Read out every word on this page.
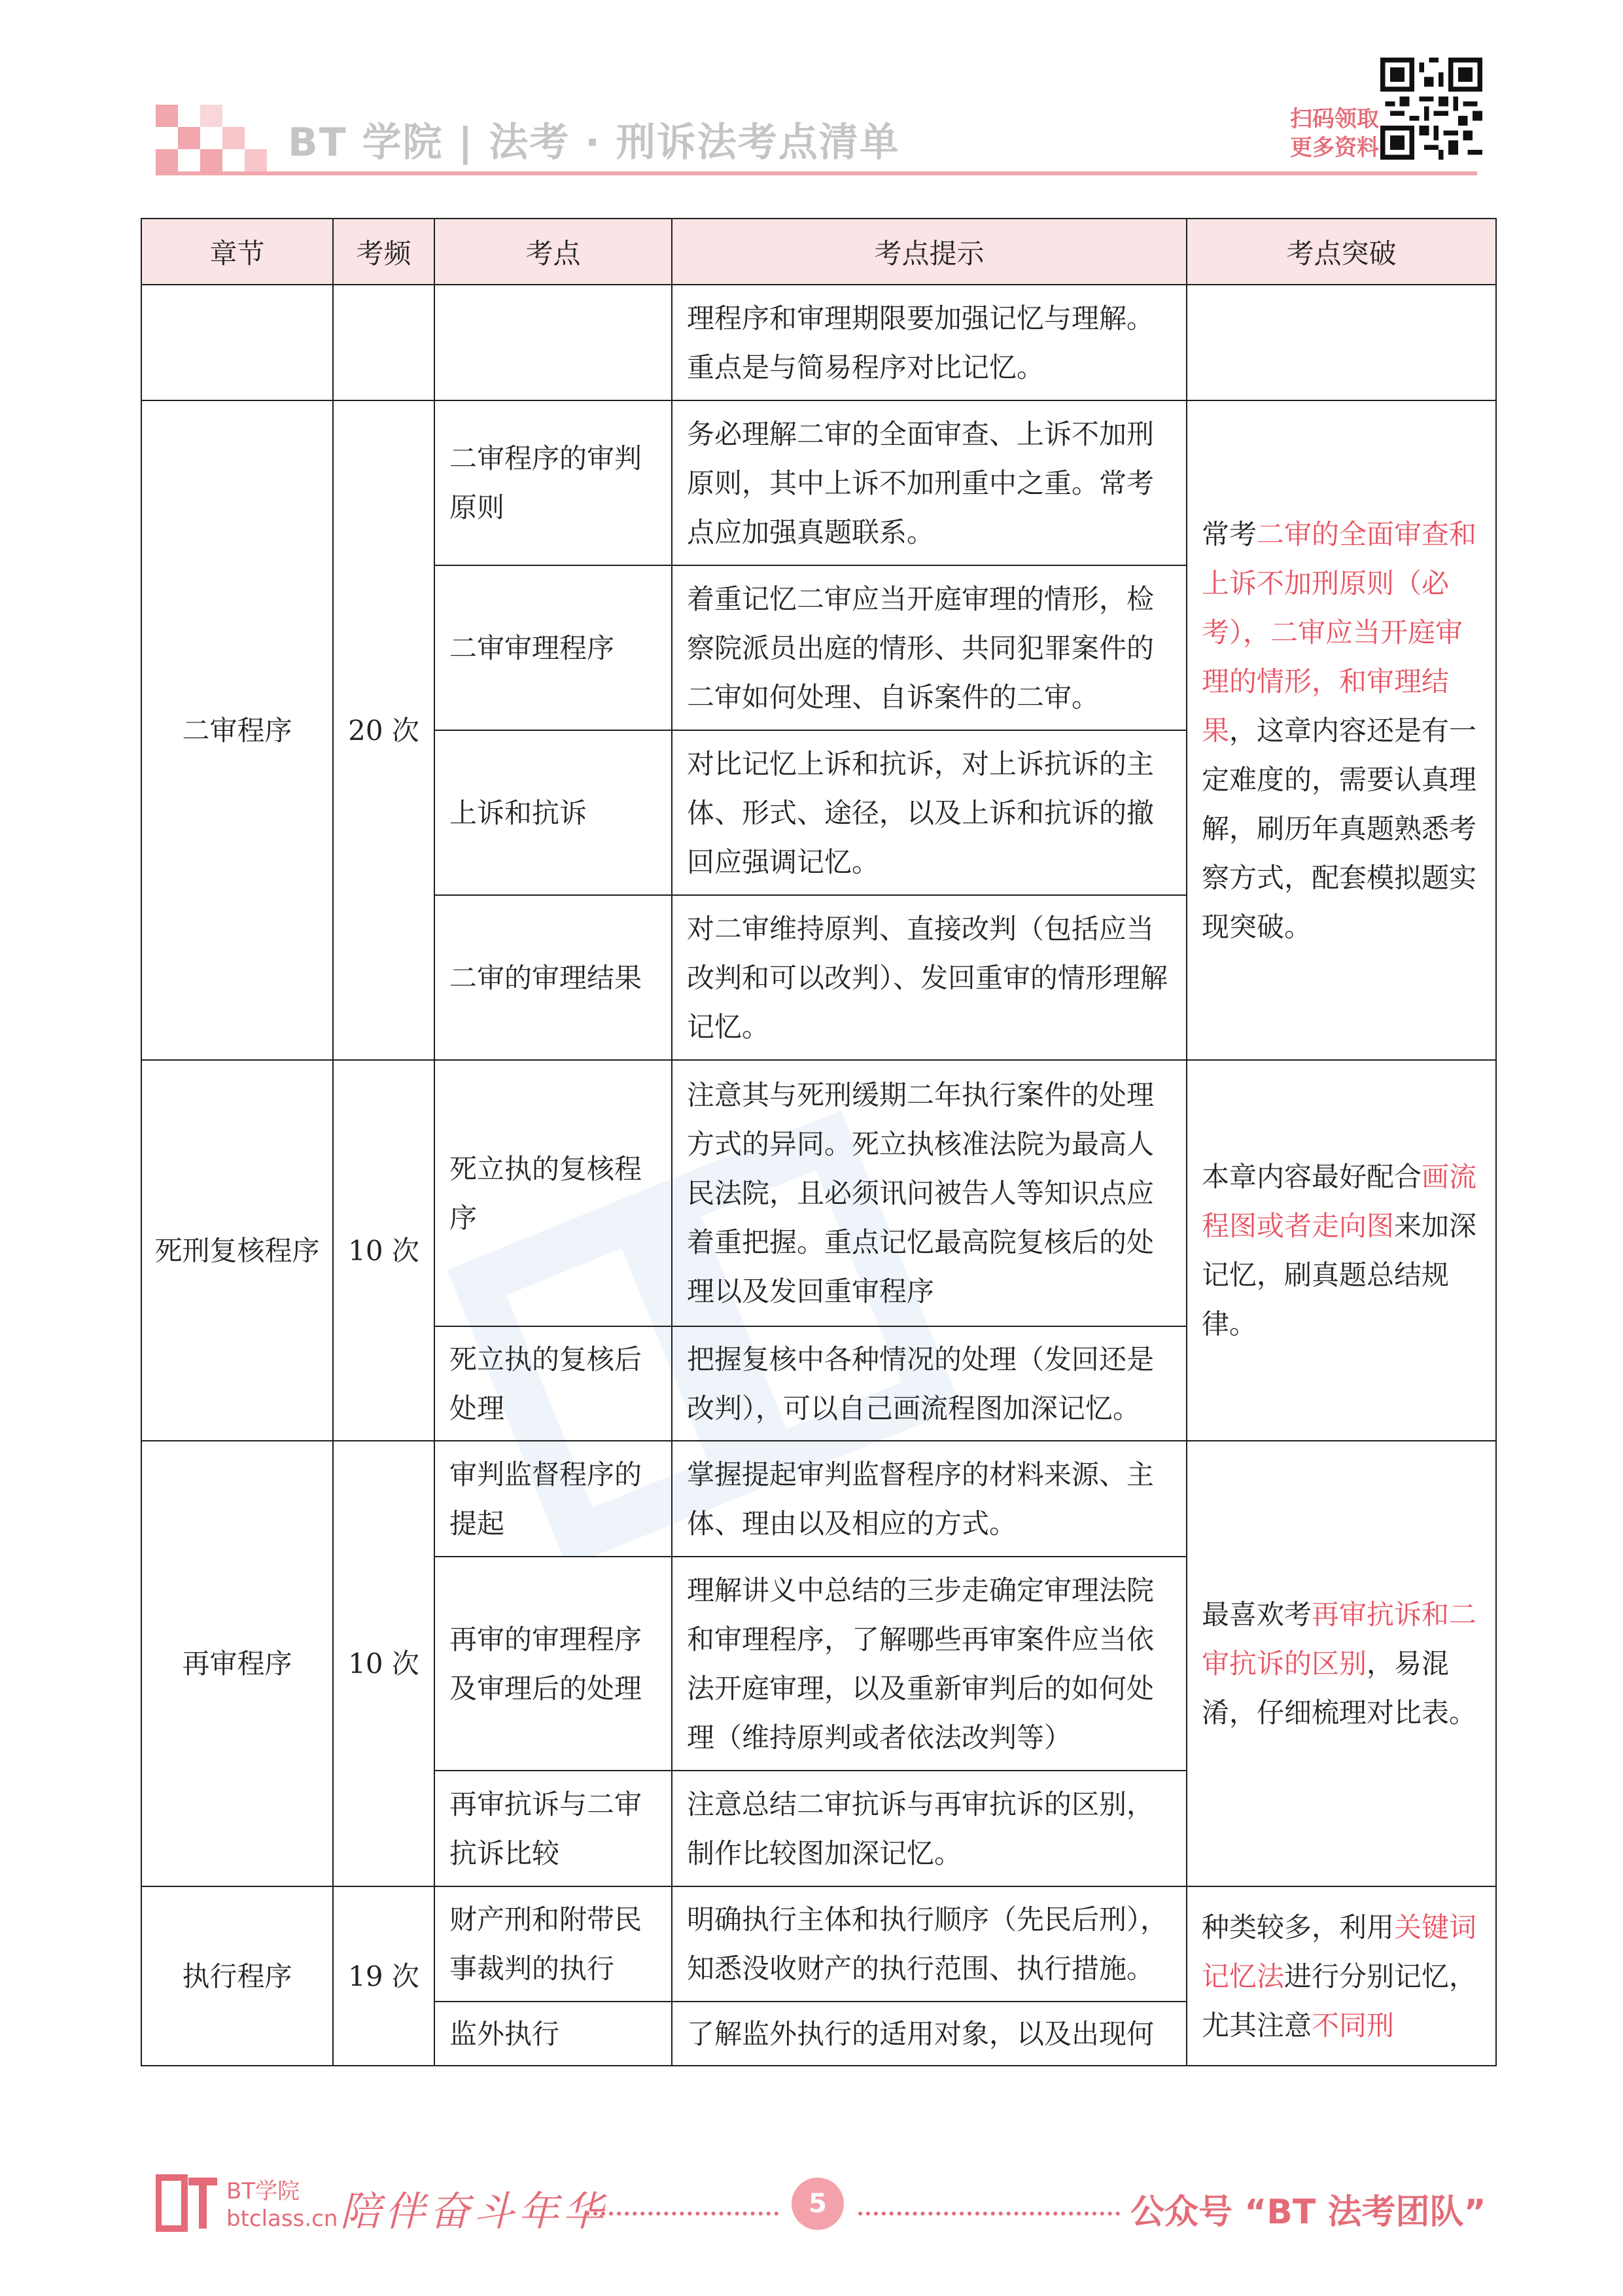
BT 学院 | 法考 · 刑诉法考点清单
扫码领取
更多资料
章节	考频	考点	考点提示	考点突破
			理程序和审理期限要加强记忆与理解。重点是与简易程序对比记忆。	
二审程序	20 次	二审程序的审判原则	务必理解二审的全面审查、上诉不加刑原则，其中上诉不加刑重中之重。常考点应加强真题联系。	常考二审的全面审查和上诉不加刑原则（必考），二审应当开庭审理的情形，和审理结果，这章内容还是有一定难度的，需要认真理解，刷历年真题熟悉考察方式，配套模拟题实现突破。
		二审审理程序	着重记忆二审应当开庭审理的情形，检察院派员出庭的情形、共同犯罪案件的二审如何处理、自诉案件的二审。	
		上诉和抗诉	对比记忆上诉和抗诉，对上诉抗诉的主体、形式、途径，以及上诉和抗诉的撤回应强调记忆。	
		二审的审理结果	对二审维持原判、直接改判（包括应当改判和可以改判）、发回重审的情形理解记忆。	
死刑复核程序	10 次	死立执的复核程序	注意其与死刑缓期二年执行案件的处理方式的异同。死立执核准法院为最高人民法院，且必须讯问被告人等知识点应着重把握。重点记忆最高院复核后的处理以及发回重审程序	本章内容最好配合画流程图或者走向图来加深记忆，刷真题总结规律。
		死立执的复核后处理	把握复核中各种情况的处理（发回还是改判），可以自己画流程图加深记忆。	
再审程序	10 次	审判监督程序的提起	掌握提起审判监督程序的材料来源、主体、理由以及相应的方式。	最喜欢考再审抗诉和二审抗诉的区别，易混淆，仔细梳理对比表。
		再审的审理程序及审理后的处理	理解讲义中总结的三步走确定审理法院和审理程序，了解哪些再审案件应当依法开庭审理，以及重新审判后的如何处理（维持原判或者依法改判等）	
		再审抗诉与二审抗诉比较	注意总结二审抗诉与再审抗诉的区别，制作比较图加深记忆。	
执行程序	19 次	财产刑和附带民事裁判的执行	明确执行主体和执行顺序（先民后刑），知悉没收财产的执行范围、执行措施。	种类较多，利用关键词记忆法进行分别记忆，尤其注意不同刑
		监外执行	了解监外执行的适用对象，以及出现何	
BT学院
btclass.cn 陪伴奋斗年华	5	公众号 “BT 法考团队”
